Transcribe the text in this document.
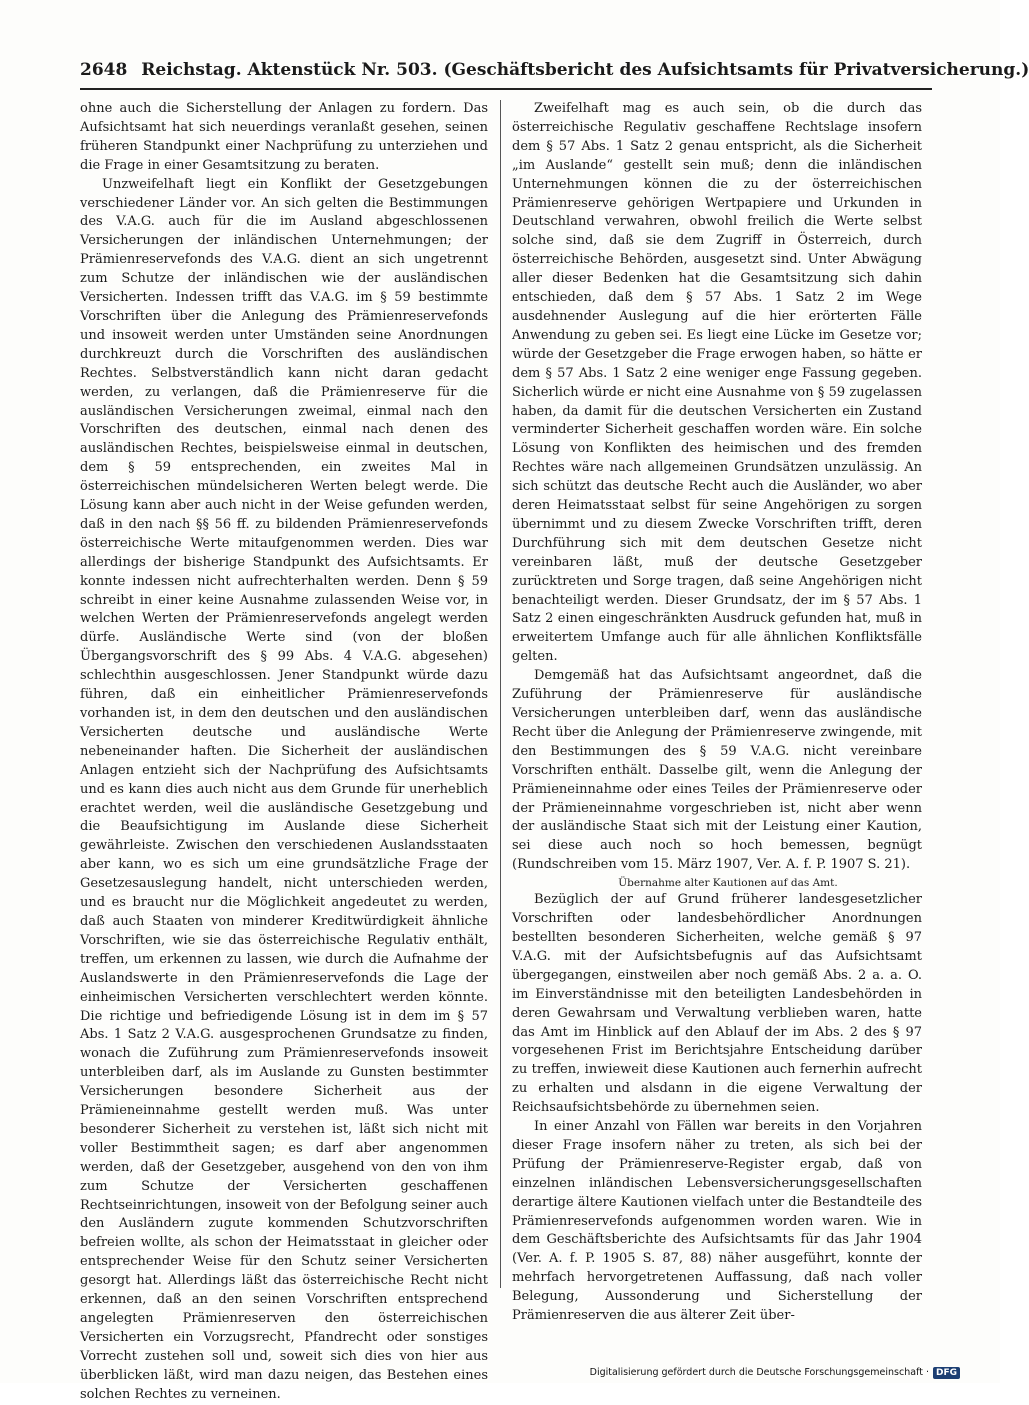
2648 Reichstag. Aktenstück Nr. 503. (Geschäftsbericht des Aufsichtsamts für Privatversicherung.)

ohne auch die Sicherstellung der Anlagen zu fordern. Das Aufsichtsamt hat sich neuerdings veranlaßt gesehen, seinen früheren Standpunkt einer Nachprüfung zu unterziehen und die Frage in einer Gesamtsitzung zu beraten.

Unzweifelhaft liegt ein Konflikt der Gesetzgebungen verschiedener Länder vor. An sich gelten die Bestimmungen des V.A.G. auch für die im Ausland abgeschlossenen Versicherungen der inländischen Unternehmungen; der Prämienreservefonds des V.A.G. dient an sich ungetrennt zum Schutze der inländischen wie der ausländischen Versicherten. Indessen trifft das V.A.G. im § 59 bestimmte Vorschriften über die Anlegung des Prämienreservefonds und insoweit werden unter Umständen seine Anordnungen durchkreuzt durch die Vorschriften des ausländischen Rechtes. Selbstverständlich kann nicht daran gedacht werden, zu verlangen, daß die Prämienreserve für die ausländischen Versicherungen zweimal, einmal nach den Vorschriften des deutschen, einmal nach denen des ausländischen Rechtes, beispielsweise einmal in deutschen, dem § 59 entsprechenden, ein zweites Mal in österreichischen mündelsicheren Werten belegt werde. Die Lösung kann aber auch nicht in der Weise gefunden werden, daß in den nach §§ 56 ff. zu bildenden Prämienreservefonds österreichische Werte mitaufgenommen werden. Dies war allerdings der bisherige Standpunkt des Aufsichtsamts. Er konnte indessen nicht aufrechterhalten werden. Denn § 59 schreibt in einer keine Ausnahme zulassenden Weise vor, in welchen Werten der Prämienreservefonds angelegt werden dürfe. Ausländische Werte sind (von der bloßen Übergangsvorschrift des § 99 Abs. 4 V.A.G. abgesehen) schlechthin ausgeschlossen. Jener Standpunkt würde dazu führen, daß ein einheitlicher Prämienreservefonds vorhanden ist, in dem den deutschen und den ausländischen Versicherten deutsche und ausländische Werte nebeneinander haften. Die Sicherheit der ausländischen Anlagen entzieht sich der Nachprüfung des Aufsichtsamts und es kann dies auch nicht aus dem Grunde für unerheblich erachtet werden, weil die ausländische Gesetzgebung und die Beaufsichtigung im Auslande diese Sicherheit gewährleiste. Zwischen den verschiedenen Auslandsstaaten aber kann, wo es sich um eine grundsätzliche Frage der Gesetzesauslegung handelt, nicht unterschieden werden, und es braucht nur die Möglichkeit angedeutet zu werden, daß auch Staaten von minderer Kreditwürdigkeit ähnliche Vorschriften, wie sie das österreichische Regulativ enthält, treffen, um erkennen zu lassen, wie durch die Aufnahme der Auslandswerte in den Prämienreservefonds die Lage der einheimischen Versicherten verschlechtert werden könnte. Die richtige und befriedigende Lösung ist in dem im § 57 Abs. 1 Satz 2 V.A.G. ausgesprochenen Grundsatze zu finden, wonach die Zuführung zum Prämienreservefonds insoweit unterbleiben darf, als im Auslande zu Gunsten bestimmter Versicherungen besondere Sicherheit aus der Prämieneinnahme gestellt werden muß. Was unter besonderer Sicherheit zu verstehen ist, läßt sich nicht mit voller Bestimmtheit sagen; es darf aber angenommen werden, daß der Gesetzgeber, ausgehend von den von ihm zum Schutze der Versicherten geschaffenen Rechtseinrichtungen, insoweit von der Befolgung seiner auch den Ausländern zugute kommenden Schutzvorschriften befreien wollte, als schon der Heimatsstaat in gleicher oder entsprechender Weise für den Schutz seiner Versicherten gesorgt hat. Allerdings läßt das österreichische Recht nicht erkennen, daß an den seinen Vorschriften entsprechend angelegten Prämienreserven den österreichischen Versicherten ein Vorzugsrecht, Pfandrecht oder sonstiges Vorrecht zustehen soll und, soweit sich dies von hier aus überblicken läßt, wird man dazu neigen, das Bestehen eines solchen Rechtes zu verneinen.

Zweifelhaft mag es auch sein, ob die durch das österreichische Regulativ geschaffene Rechtslage insofern dem § 57 Abs. 1 Satz 2 genau entspricht, als die Sicherheit „im Auslande“ gestellt sein muß; denn die inländischen Unternehmungen können die zu der österreichischen Prämienreserve gehörigen Wertpapiere und Urkunden in Deutschland verwahren, obwohl freilich die Werte selbst solche sind, daß sie dem Zugriff in Österreich, durch österreichische Behörden, ausgesetzt sind. Unter Abwägung aller dieser Bedenken hat die Gesamtsitzung sich dahin entschieden, daß dem § 57 Abs. 1 Satz 2 im Wege ausdehnender Auslegung auf die hier erörterten Fälle Anwendung zu geben sei. Es liegt eine Lücke im Gesetze vor; würde der Gesetzgeber die Frage erwogen haben, so hätte er dem § 57 Abs. 1 Satz 2 eine weniger enge Fassung gegeben. Sicherlich würde er nicht eine Ausnahme von § 59 zugelassen haben, da damit für die deutschen Versicherten ein Zustand verminderter Sicherheit geschaffen worden wäre. Ein solche Lösung von Konflikten des heimischen und des fremden Rechtes wäre nach allgemeinen Grundsätzen unzulässig. An sich schützt das deutsche Recht auch die Ausländer, wo aber deren Heimatsstaat selbst für seine Angehörigen zu sorgen übernimmt und zu diesem Zwecke Vorschriften trifft, deren Durchführung sich mit dem deutschen Gesetze nicht vereinbaren läßt, muß der deutsche Gesetzgeber zurücktreten und Sorge tragen, daß seine Angehörigen nicht benachteiligt werden. Dieser Grundsatz, der im § 57 Abs. 1 Satz 2 einen eingeschränkten Ausdruck gefunden hat, muß in erweitertem Umfange auch für alle ähnlichen Konfliktsfälle gelten.

Demgemäß hat das Aufsichtsamt angeordnet, daß die Zuführung der Prämienreserve für ausländische Versicherungen unterbleiben darf, wenn das ausländische Recht über die Anlegung der Prämienreserve zwingende, mit den Bestimmungen des § 59 V.A.G. nicht vereinbare Vorschriften enthält. Dasselbe gilt, wenn die Anlegung der Prämieneinnahme oder eines Teiles der Prämienreserve oder der Prämieneinnahme vorgeschrieben ist, nicht aber wenn der ausländische Staat sich mit der Leistung einer Kaution, sei diese auch noch so hoch bemessen, begnügt (Rundschreiben vom 15. März 1907, Ver. A. f. P. 1907 S. 21).

Übernahme alter Kautionen auf das Amt.

Bezüglich der auf Grund früherer landesgesetzlicher Vorschriften oder landesbehördlicher Anordnungen bestellten besonderen Sicherheiten, welche gemäß § 97 V.A.G. mit der Aufsichtsbefugnis auf das Aufsichtsamt übergegangen, einstweilen aber noch gemäß Abs. 2 a. a. O. im Einverständnisse mit den beteiligten Landesbehörden in deren Gewahrsam und Verwaltung verblieben waren, hatte das Amt im Hinblick auf den Ablauf der im Abs. 2 des § 97 vorgesehenen Frist im Berichtsjahre Entscheidung darüber zu treffen, inwieweit diese Kautionen auch fernerhin aufrecht zu erhalten und alsdann in die eigene Verwaltung der Reichsaufsichtsbehörde zu übernehmen seien.

In einer Anzahl von Fällen war bereits in den Vorjahren dieser Frage insofern näher zu treten, als sich bei der Prüfung der Prämienreserve-Register ergab, daß von einzelnen inländischen Lebensversicherungsgesellschaften derartige ältere Kautionen vielfach unter die Bestandteile des Prämienreservefonds aufgenommen worden waren. Wie in dem Geschäftsberichte des Aufsichtsamts für das Jahr 1904 (Ver. A. f. P. 1905 S. 87, 88) näher ausgeführt, konnte der mehrfach hervorgetretenen Auffassung, daß nach voller Belegung, Aussonderung und Sicherstellung der Prämienreserven die aus älterer Zeit über-

Digitalisierung gefördert durch die Deutsche Forschungsgemeinschaft · DFG
